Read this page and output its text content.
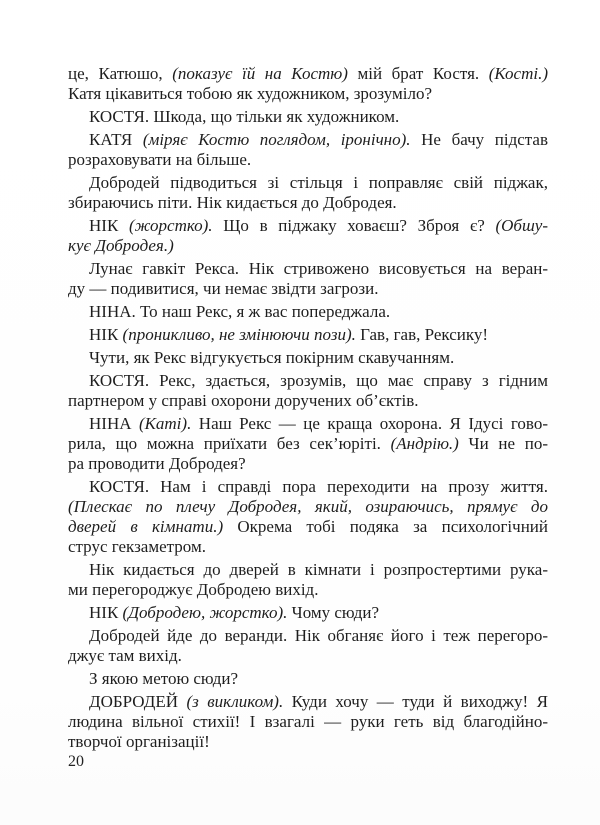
це, Катюшо, (показує їй на Костю) мій брат Костя. (Кості.)
Катя цікавиться тобою як художником, зрозуміло?
КОСТЯ. Шкода, що тільки як художником.
КАТЯ (міряє Костю поглядом, іронічно). Не бачу підстав
розраховувати на більше.
Добродей підводиться зі стільця і поправляє свій піджак,
збираючись піти. Нік кидається до Добродея.
НІК (жорстко). Що в піджаку ховаєш? Зброя є? (Обшу-
кує Добродея.)
Лунає гавкіт Рекса. Нік стривожено висовується на веран-
ду — подивитися, чи немає звідти загрози.
НІНА. То наш Рекс, я ж вас попереджала.
НІК (проникливо, не змінюючи пози). Гав, гав, Рексику!
Чути, як Рекс відгукується покірним скавучанням.
КОСТЯ. Рекс, здається, зрозумів, що має справу з гідним
партнером у справі охорони доручених об’єктів.
НІНА (Каті). Наш Рекс — це краща охорона. Я Ідусі гово-
рила, що можна приїхати без сек’юріті. (Андрію.) Чи не по-
ра проводити Добродея?
КОСТЯ. Нам і справді пора переходити на прозу життя.
(Плескає по плечу Добродея, який, озираючись, прямує до
дверей в кімнати.) Окрема тобі подяка за психологічний
струс гекзаметром.
Нік кидається до дверей в кімнати і розпростертими рука-
ми перегороджує Добродею вихід.
НІК (Добродею, жорстко). Чому сюди?
Добродей йде до веранди. Нік обганяє його і теж перегоро-
джує там вихід.
З якою метою сюди?
ДОБРОДЕЙ (з викликом). Куди хочу — туди й виходжу! Я
людина вільної стихії! І взагалі — руки геть від благодійно-
творчої організації!
20
